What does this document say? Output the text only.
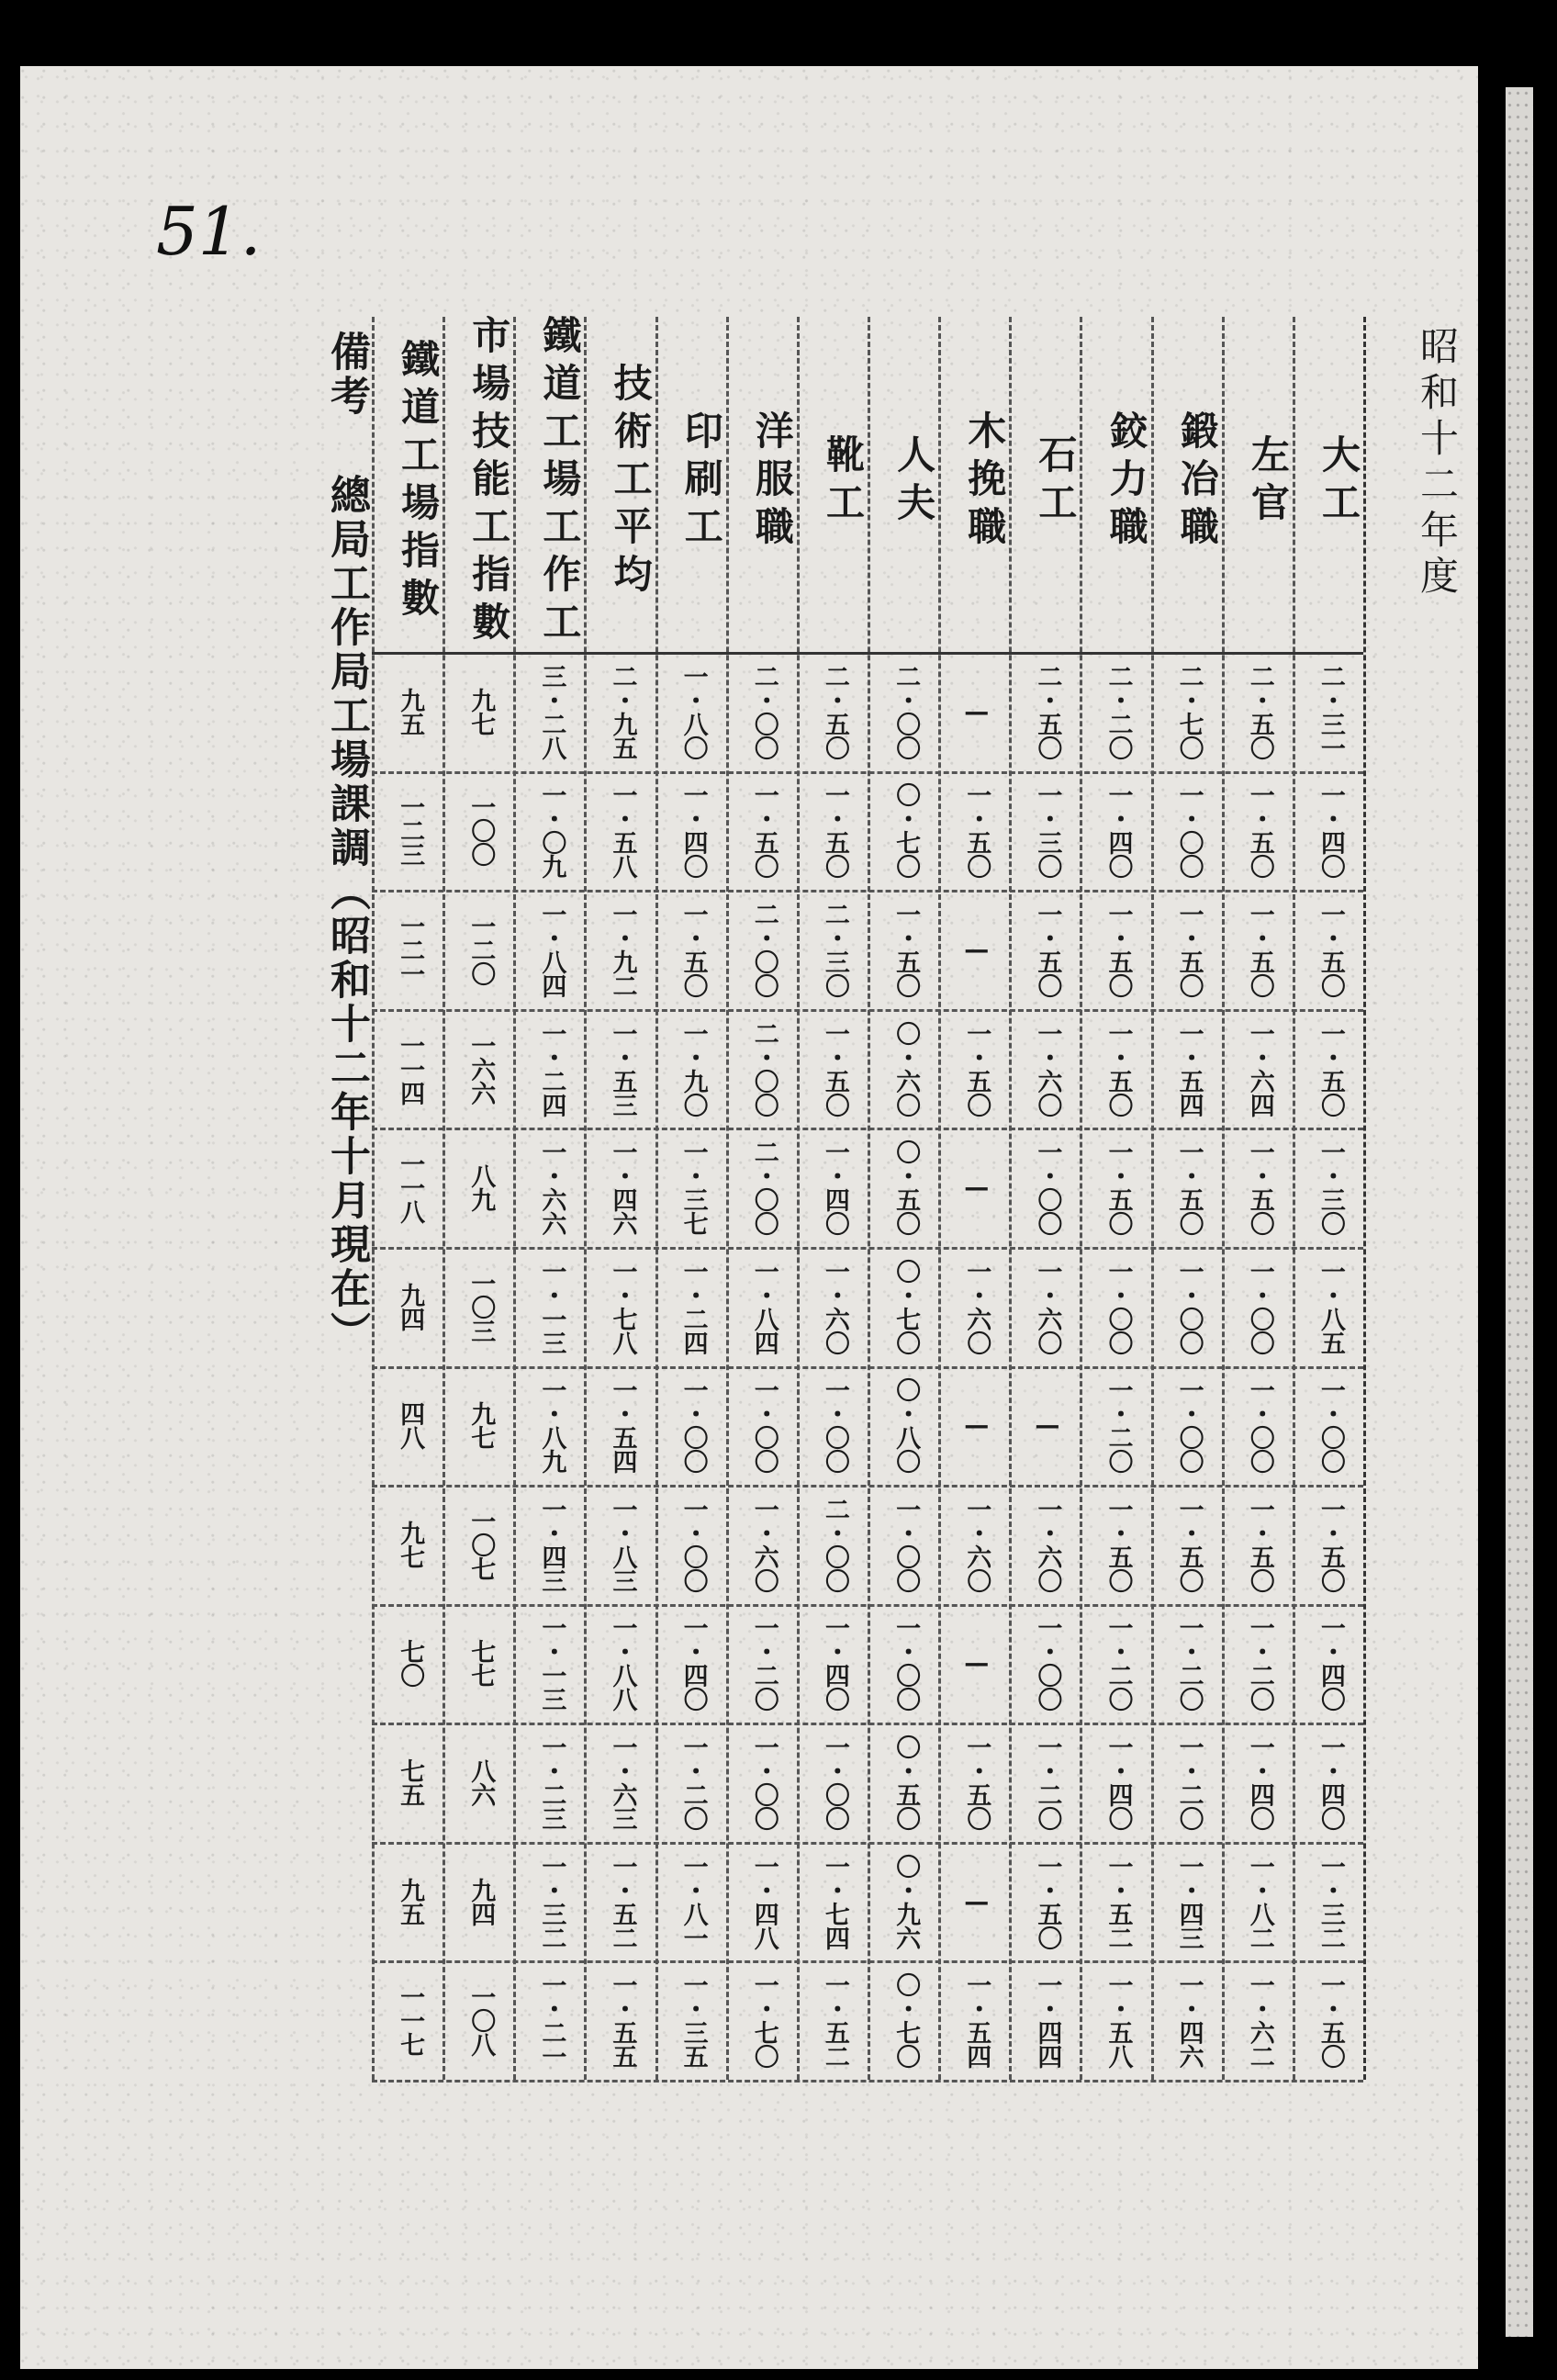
51.
昭和十二年度
備考總局工作局工場課調（昭和十二年十月現在）	大工
二・三一
一・四〇
一・五〇
一・五〇
一・三〇
一・八五
一・〇〇
一・五〇
一・四〇
一・四〇
一・三二
一・五〇
左官
二・五〇
一・五〇
一・五〇
一・六四
一・五〇
一・〇〇
一・〇〇
一・五〇
一・二〇
一・四〇
一・八二
一・六二
鍛冶職
二・七〇
一・〇〇
一・五〇
一・五四
一・五〇
一・〇〇
一・〇〇
一・五〇
一・二〇
一・二〇
一・四三
一・四六
鉸力職
二・二〇
一・四〇
一・五〇
一・五〇
一・五〇
一・〇〇
一・二〇
一・五〇
一・二〇
一・四〇
一・五二
一・五八
石工
二・五〇
一・三〇
一・五〇
一・六〇
一・〇〇
一・六〇
—
一・六〇
一・〇〇
一・二〇
一・五〇
一・四四
木挽職
—
一・五〇
—
一・五〇
—
一・六〇
—
一・六〇
—
一・五〇
—
一・五四
人夫
二・〇〇
〇・七〇
一・五〇
〇・六〇
〇・五〇
〇・七〇
〇・八〇
一・〇〇
一・〇〇
〇・五〇
〇・九六
〇・七〇
靴工
二・五〇
一・五〇
二・三〇
一・五〇
一・四〇
一・六〇
一・〇〇
二・〇〇
一・四〇
一・〇〇
一・七四
一・五二
洋服職
二・〇〇
一・五〇
二・〇〇
二・〇〇
二・〇〇
一・八四
一・〇〇
一・六〇
一・二〇
一・〇〇
一・四八
一・七〇
印刷工
一・八〇
一・四〇
一・五〇
一・九〇
一・三七
一・二四
一・〇〇
一・〇〇
一・四〇
一・二〇
一・八一
一・三五
技術工平均
二・九五
一・五八
一・九二
一・五三
一・四六
一・七八
一・五四
一・八三
一・八八
一・六三
一・五二
一・五五
鐵道工場工作工
三・二八
一・〇九
一・八四
一・二四
一・六六
一・一三
一・八九
一・四三
一・一三
一・二三
一・三二
一・二一
市場技能工指數
九七
一〇〇
一二〇
一六六
八九
一〇三
九七
一〇七
七七
八六
九四
一〇八
鐵道工場指數
九五
一二三
一二一
一一四
一一八
九四
四八
九七
七〇
七五
九五
一一七
